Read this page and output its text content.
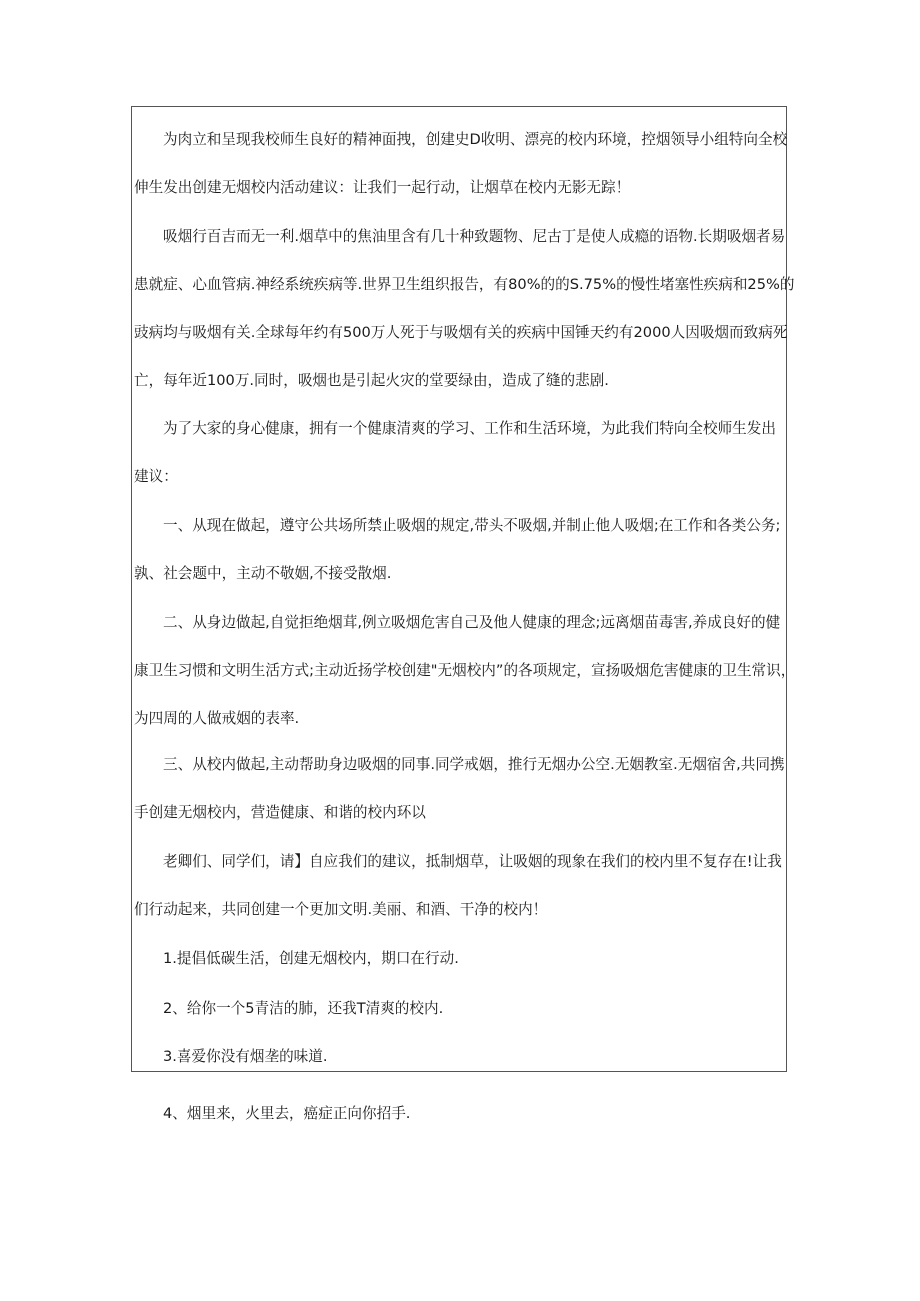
为肉立和呈现我校师生良好的精神面拽，创建史D收明、漂亮的校内环境，控烟领导小组特向全校
伸生发出创建无烟校内活动建议：让我们一起行动，让烟草在校内无影无踪！
吸烟行百吉而无一利.烟草中的焦油里含有几十种致题物、尼古丁是使人成瘾的语物.长期吸烟者易
患就症、心血管病.神经系统疾病等.世界卫生组织报告，有80%的的S.75%的慢性堵塞性疾病和25%的
豉病均与吸烟有关.全球每年约有500万人死于与吸烟有关的疾病中国锤天约有2000人因吸烟而致病死
亡，每年近100万.同时，吸烟也是引起火灾的堂要绿由，造成了缝的悲剧.
为了大家的身心健康，拥有一个健康清爽的学习、工作和生活环境，为此我们特向全校师生发出
建议：
一、从现在做起，遵守公共场所禁止吸烟的规定,带头不吸烟,并制止他人吸烟;在工作和各类公务;
孰、社会题中，主动不敬姻,不接受散烟.
二、从身边做起,自觉拒绝烟茸,例立吸烟危害自己及他人健康的理念;远离烟苗毒害,养成良好的健
康卫生习惯和文明生活方式;主动近扬学校创建"无烟校内”的各项规定，宣扬吸烟危害健康的卫生常识，
为四周的人做戒姻的表率.
三、从校内做起,主动帮助身边吸烟的同事.同学戒姻，推行无烟办公空.无姻教室.无烟宿舍,共同携
手创建无烟校内，营造健康、和谐的校内环以
老卿们、同学们，请】自应我们的建议，抵制烟草，让吸姻的现象在我们的校内里不复存在!让我
们行动起来，共同创建一个更加文明.美丽、和酒、干净的校内！
1.提倡低碳生活，创建无烟校内，期口在行动.
2、给你一个5青洁的肺，还我T清爽的校内.
3.喜爱你没有烟垄的味道.
4、烟里来，火里去，癌症正向你招手.
